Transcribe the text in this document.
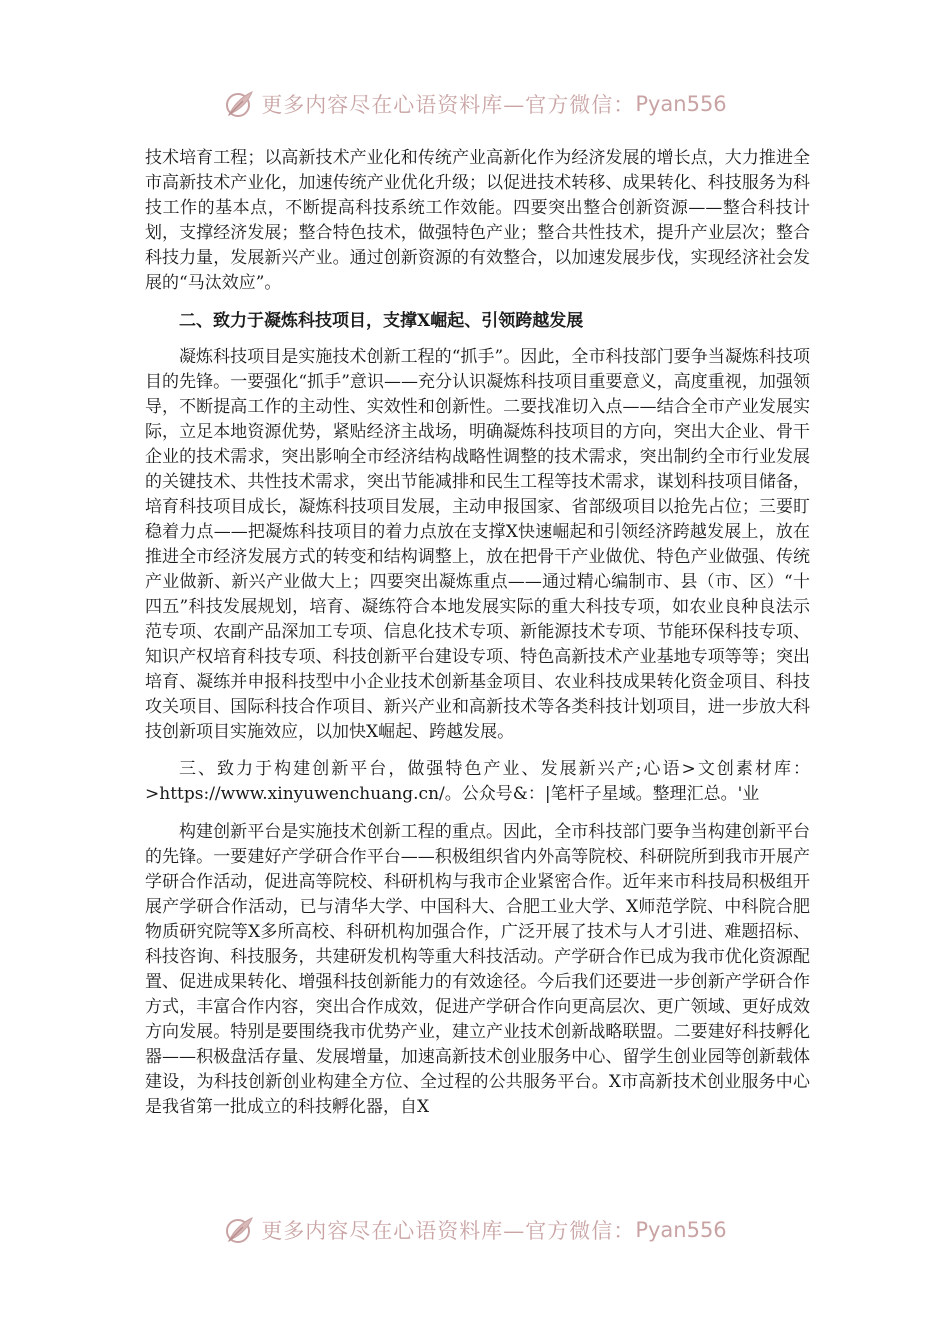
更多内容尽在心语资料库—官方微信： Pyan556

技术培育工程；以高新技术产业化和传统产业高新化作为经济发展的增长点，大力推进全市高新技术产业化，加速传统产业优化升级；以促进技术转移、成果转化、科技服务为科技工作的基本点，不断提高科技系统工作效能。四要突出整合创新资源——整合科技计划，支撑经济发展；整合特色技术，做强特色产业；整合共性技术，提升产业层次；整合科技力量，发展新兴产业。通过创新资源的有效整合，以加速发展步伐，实现经济社会发展的“马汰效应”。

二、致力于凝炼科技项目，支撑X崛起、引领跨越发展

凝炼科技项目是实施技术创新工程的“抓手”。因此，全市科技部门要争当凝炼科技项目的先锋。一要强化“抓手”意识——充分认识凝炼科技项目重要意义，高度重视，加强领导，不断提高工作的主动性、实效性和创新性。二要找准切入点——结合全市产业发展实际，立足本地资源优势，紧贴经济主战场，明确凝炼科技项目的方向，突出大企业、骨干企业的技术需求，突出影响全市经济结构战略性调整的技术需求，突出制约全市行业发展的关键技术、共性技术需求，突出节能减排和民生工程等技术需求，谋划科技项目储备，培育科技项目成长，凝炼科技项目发展，主动申报国家、省部级项目以抢先占位；三要盯稳着力点——把凝炼科技项目的着力点放在支撑X快速崛起和引领经济跨越发展上，放在推进全市经济发展方式的转变和结构调整上，放在把骨干产业做优、特色产业做强、传统产业做新、新兴产业做大上；四要突出凝炼重点——通过精心编制市、县（市、区）“十四五”科技发展规划，培育、凝练符合本地发展实际的重大科技专项，如农业良种良法示范专项、农副产品深加工专项、信息化技术专项、新能源技术专项、节能环保科技专项、知识产权培育科技专项、科技创新平台建设专项、特色高新技术产业基地专项等等；突出培育、凝练并申报科技型中小企业技术创新基金项目、农业科技成果转化资金项目、科技攻关项目、国际科技合作项目、新兴产业和高新技术等各类科技计划项目，进一步放大科技创新项目实施效应，以加快X崛起、跨越发展。

三、致力于构建创新平台，做强特色产业、发展新兴产;心语>文创素材库：>https://www.xinyuwenchuang.cn/。公众号&：|笔杆子星域。整理汇总。'业

构建创新平台是实施技术创新工程的重点。因此，全市科技部门要争当构建创新平台的先锋。一要建好产学研合作平台——积极组织省内外高等院校、科研院所到我市开展产学研合作活动，促进高等院校、科研机构与我市企业紧密合作。近年来市科技局积极组开展产学研合作活动，已与清华大学、中国科大、合肥工业大学、X师范学院、中科院合肥物质研究院等X多所高校、科研机构加强合作，广泛开展了技术与人才引进、难题招标、科技咨询、科技服务，共建研发机构等重大科技活动。产学研合作已成为我市优化资源配置、促进成果转化、增强科技创新能力的有效途径。今后我们还要进一步创新产学研合作方式，丰富合作内容，突出合作成效，促进产学研合作向更高层次、更广领域、更好成效方向发展。特别是要围绕我市优势产业，建立产业技术创新战略联盟。二要建好科技孵化器——积极盘活存量、发展增量，加速高新技术创业服务中心、留学生创业园等创新载体建设，为科技创新创业构建全方位、全过程的公共服务平台。X市高新技术创业服务中心是我省第一批成立的科技孵化器，自X

更多内容尽在心语资料库—官方微信： Pyan556
